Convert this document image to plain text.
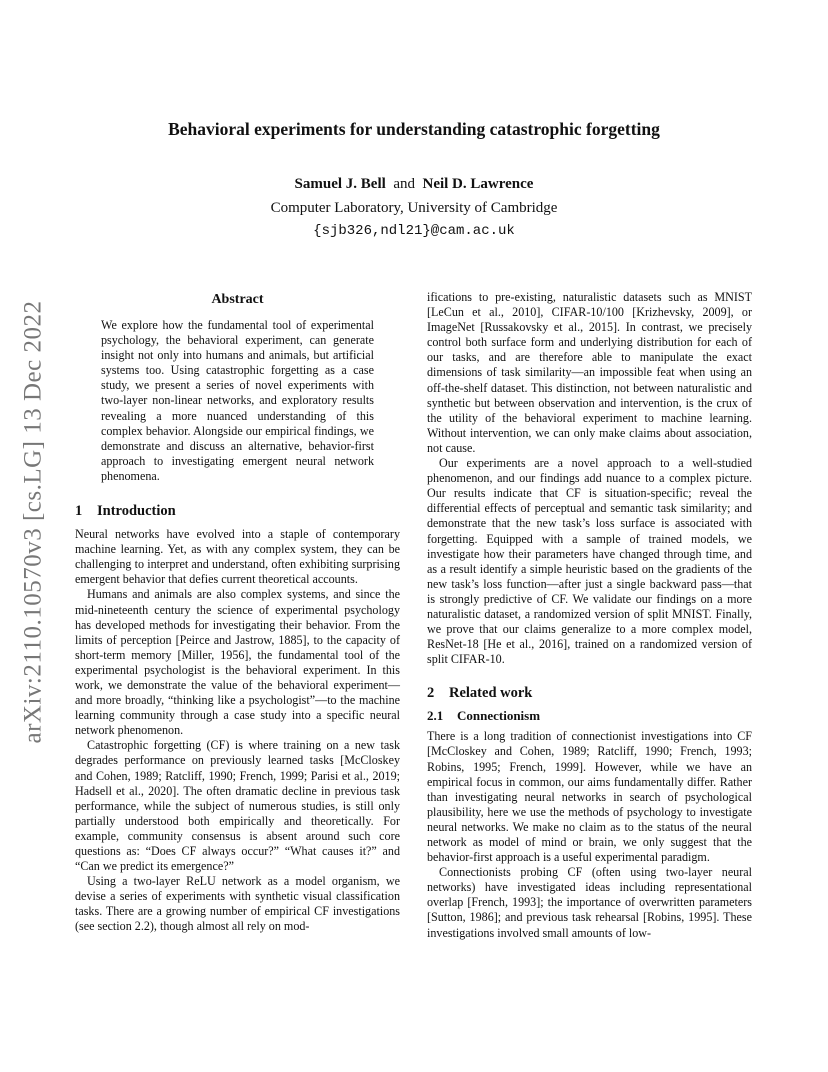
arXiv:2110.10570v3 [cs.LG] 13 Dec 2022
Behavioral experiments for understanding catastrophic forgetting
Samuel J. Bell and Neil D. Lawrence
Computer Laboratory, University of Cambridge
{sjb326,ndl21}@cam.ac.uk
Abstract

We explore how the fundamental tool of experimental psychology, the behavioral experiment, can generate insight not only into humans and animals, but artificial systems too. Using catastrophic forgetting as a case study, we present a series of novel experiments with two-layer non-linear networks, and exploratory results revealing a more nuanced understanding of this complex behavior. Alongside our empirical findings, we demonstrate and discuss an alternative, behavior-first approach to investigating emergent neural network phenomena.

1 Introduction

Neural networks have evolved into a staple of contemporary machine learning. Yet, as with any complex system, they can be challenging to interpret and understand, often exhibiting surprising emergent behavior that defies current theoretical accounts.

Humans and animals are also complex systems, and since the mid-nineteenth century the science of experimental psychology has developed methods for investigating their behavior. From the limits of perception [Peirce and Jastrow, 1885], to the capacity of short-term memory [Miller, 1956], the fundamental tool of the experimental psychologist is the behavioral experiment. In this work, we demonstrate the value of the behavioral experiment—and more broadly, “thinking like a psychologist”—to the machine learning community through a case study into a specific neural network phenomenon.

Catastrophic forgetting (CF) is where training on a new task degrades performance on previously learned tasks [McCloskey and Cohen, 1989; Ratcliff, 1990; French, 1999; Parisi et al., 2019; Hadsell et al., 2020]. The often dramatic decline in previous task performance, while the subject of numerous studies, is still only partially understood both empirically and theoretically. For example, community consensus is absent around such core questions as: “Does CF always occur?” “What causes it?” and “Can we predict its emergence?”

Using a two-layer ReLU network as a model organism, we devise a series of experiments with synthetic visual classification tasks. There are a growing number of empirical CF investigations (see section 2.2), though almost all rely on mod-

ifications to pre-existing, naturalistic datasets such as MNIST [LeCun et al., 2010], CIFAR-10/100 [Krizhevsky, 2009], or ImageNet [Russakovsky et al., 2015]. In contrast, we precisely control both surface form and underlying distribution for each of our tasks, and are therefore able to manipulate the exact dimensions of task similarity—an impossible feat when using an off-the-shelf dataset. This distinction, not between naturalistic and synthetic but between observation and intervention, is the crux of the utility of the behavioral experiment to machine learning. Without intervention, we can only make claims about association, not cause.

Our experiments are a novel approach to a well-studied phenomenon, and our findings add nuance to a complex picture. Our results indicate that CF is situation-specific; reveal the differential effects of perceptual and semantic task similarity; and demonstrate that the new task’s loss surface is associated with forgetting. Equipped with a sample of trained models, we investigate how their parameters have changed through time, and as a result identify a simple heuristic based on the gradients of the new task’s loss function—after just a single backward pass—that is strongly predictive of CF. We validate our findings on a more naturalistic dataset, a randomized version of split MNIST. Finally, we prove that our claims generalize to a more complex model, ResNet-18 [He et al., 2016], trained on a randomized version of split CIFAR-10.

2 Related work
2.1 Connectionism

There is a long tradition of connectionist investigations into CF [McCloskey and Cohen, 1989; Ratcliff, 1990; French, 1993; Robins, 1995; French, 1999]. However, while we have an empirical focus in common, our aims fundamentally differ. Rather than investigating neural networks in search of psychological plausibility, here we use the methods of psychology to investigate neural networks. We make no claim as to the status of the neural network as model of mind or brain, we only suggest that the behavior-first approach is a useful experimental paradigm.

Connectionists probing CF (often using two-layer neural networks) have investigated ideas including representational overlap [French, 1993]; the importance of overwritten parameters [Sutton, 1986]; and previous task rehearsal [Robins, 1995]. These investigations involved small amounts of low-
